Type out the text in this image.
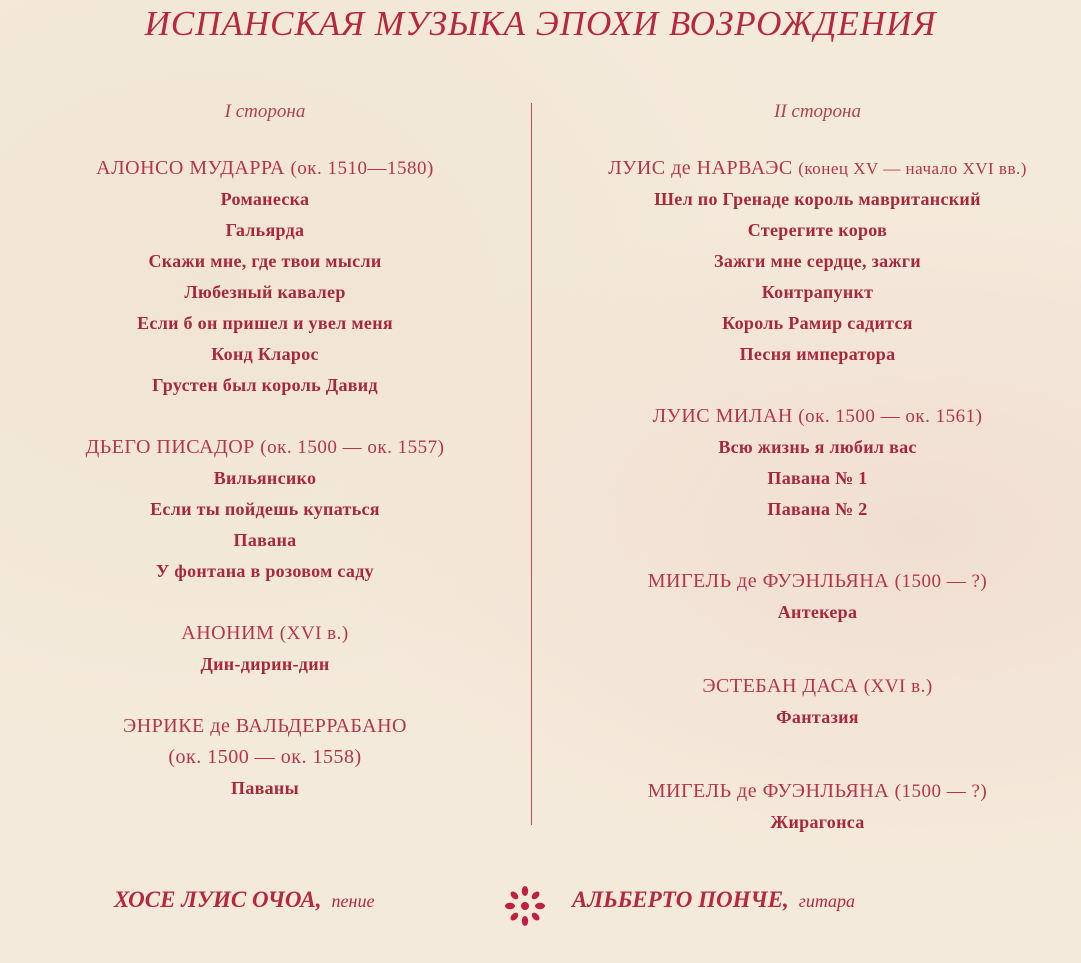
ИСПАНСКАЯ МУЗЫКА ЭПОХИ ВОЗРОЖДЕНИЯ
I сторона
АЛОНСО МУДАРРА (ок. 1510—1580)
Романеска
Гальярда
Скажи мне, где твои мысли
Любезный кавалер
Если б он пришел и увел меня
Конд Кларос
Грустен был король Давид
ДЬЕГО ПИСАДОР (ок. 1500 — ок. 1557)
Вильянсико
Если ты пойдешь купаться
Павана
У фонтана в розовом саду
АНОНИМ (XVI в.)
Дин-дирин-дин
ЭНРИКЕ де ВАЛЬДЕРРАБАНО
(ок. 1500 — ок. 1558)
Паваны
II сторона
ЛУИС де НАРВАЭС (конец XV — начало XVI вв.)
Шел по Гренаде король мавританский
Стерегите коров
Зажги мне сердце, зажги
Контрапункт
Король Рамир садится
Песня императора
ЛУИС МИЛАН (ок. 1500 — ок. 1561)
Всю жизнь я любил вас
Павана № 1
Павана № 2
МИГЕЛЬ де ФУЭНЛЬЯНА (1500 — ?)
Антекера
ЭСТЕБАН ДАСА (XVI в.)
Фантазия
МИГЕЛЬ де ФУЭНЛЬЯНА (1500 — ?)
Жирагонса
ХОСЕ ЛУИС ОЧОА, пение	АЛЬБЕРТО ПОНЧЕ, гитара
